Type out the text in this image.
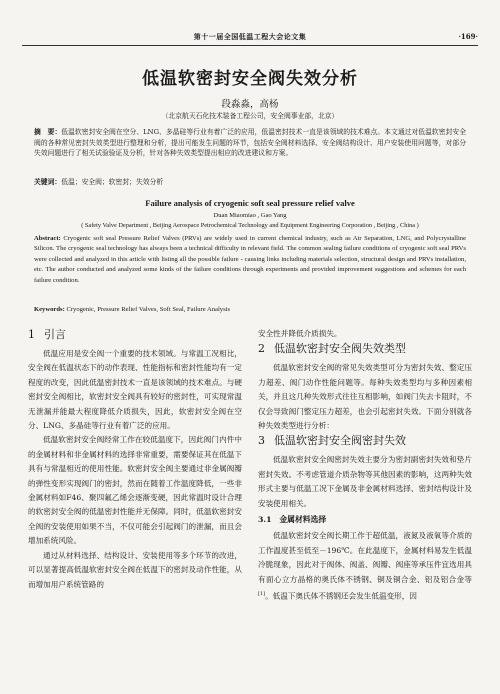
第十一届全国低温工程大会论文集	·169·
低温软密封安全阀失效分析
段淼淼，高杨
（北京航天石化技术装备工程公司，安全阀事业部，北京）
摘　要：低温软密封安全阀在空分、LNG、多晶硅等行业有着广泛的应用，低温密封技术一直是该领域的技术难点。本文通过对低温软密封安全阀的各种常见密封失效类型进行整理和分析，提出可能发生问题的环节，包括安全阀材料选择、安全阀结构设计、用户安装使用问题等，对部分失效问题进行了相关试验验证及分析，针对各种失效类型提出相应的改进建议和方案。
关键词：低温；安全阀；软密封；失效分析
Failure analysis of cryogenic soft seal pressure relief valve
Duan Miaomiao , Gao Yang
( Safety Valve Department , Beijing Aerospace Petrochemical Technology and Equipment Engineering Corporation , Beijing , China )
Abstract: Cryogenic soft seal Pressure Relief Valves (PRVs) are widely used in current chemical industry, such as Air Separation, LNG, and Polycrystalline Silicon. The cryogenic seal technology has always been a technical difficulty in relevant field. The common sealing failure conditions of cryogenic soft seal PRVs were collected and analyzed in this article with listing all the possible failure - causing links including materials selection, structural design and PRVs installation, etc. The author conducted and analyzed some kinds of the failure conditions through experiments and provided improvement suggestions and schemes for each failure condition.
Keywords: Cryogenic, Pressure Relief Valves, Soft Seal, Failure Analysis
1 引言

低温应用是安全阀一个重要的技术领域。与常温工况相比，安全阀在低温状态下的动作表现、性能指标和密封性能均有一定程度的改变，因此低温密封技术一直是该领域的技术难点。与硬密封安全阀相比，软密封安全阀具有较好的密封性，可实现常温无泄漏并能最大程度降低介质损失，因此，软密封安全阀在空分、LNG、多晶硅等行业有着广泛的应用。

低温软密封安全阀经常工作在较低温度下，因此阀门内件中的金属材料和非金属材料的选择非常重要，需要保证其在低温下具有与常温相近的使用性能。软密封安全阀主要通过非金属阀瓣的弹性变形实现阀门的密封，然而在随着工作温度降低，一些非金属材料如F46、聚四氟乙烯会逐渐变硬，因此常温时设计合理的软密封安全阀的低温密封性能并无保障。同时，低温软密封安全阀的安装使用如果不当，不仅可能会引起阀门的泄漏，而且会增加系统风险。

通过从材料选择、结构设计、安装使用等多个环节的改进，可以显著提高低温软密封安全阀在低温下的密封及动作性能，从而增加用户系统管路的

安全性并降低介质损失。

2 低温软密封安全阀失效类型

低温软密封安全阀的常见失效类型可分为密封失效、整定压力超差、阀门动作性能问题等。每种失效类型均与多种因素相关，并且这几种失效形式往往互相影响，如阀门失去卡阻时，不仅会导致阀门整定压力超差，也会引起密封失效。下面分别就各种失效类型进行分析：

3 低温软密封安全阀密封失效

低温软密封安全阀密封失效主要分为密封副密封失效和垫片密封失效。不考虑管道介质杂物等其他因素的影响，这两种失效形式主要与低温工况下金属及非金属材料选择、密封结构设计及安装使用相关。

3.1　金属材料选择

低温软密封安全阀长期工作于超低温，液氮及液氧等介质的工作温度甚至低至－196℃。在此温度下，金属材料易发生低温冷脆现象，因此对于阀体、阀盖、阀瓣、阀座等承压件宜选用具有面心立方晶格的奥氏体不锈钢、铜及铜合金、铝及铝合金等[1]。低温下奥氏体不锈钢还会发生低温变形，因
